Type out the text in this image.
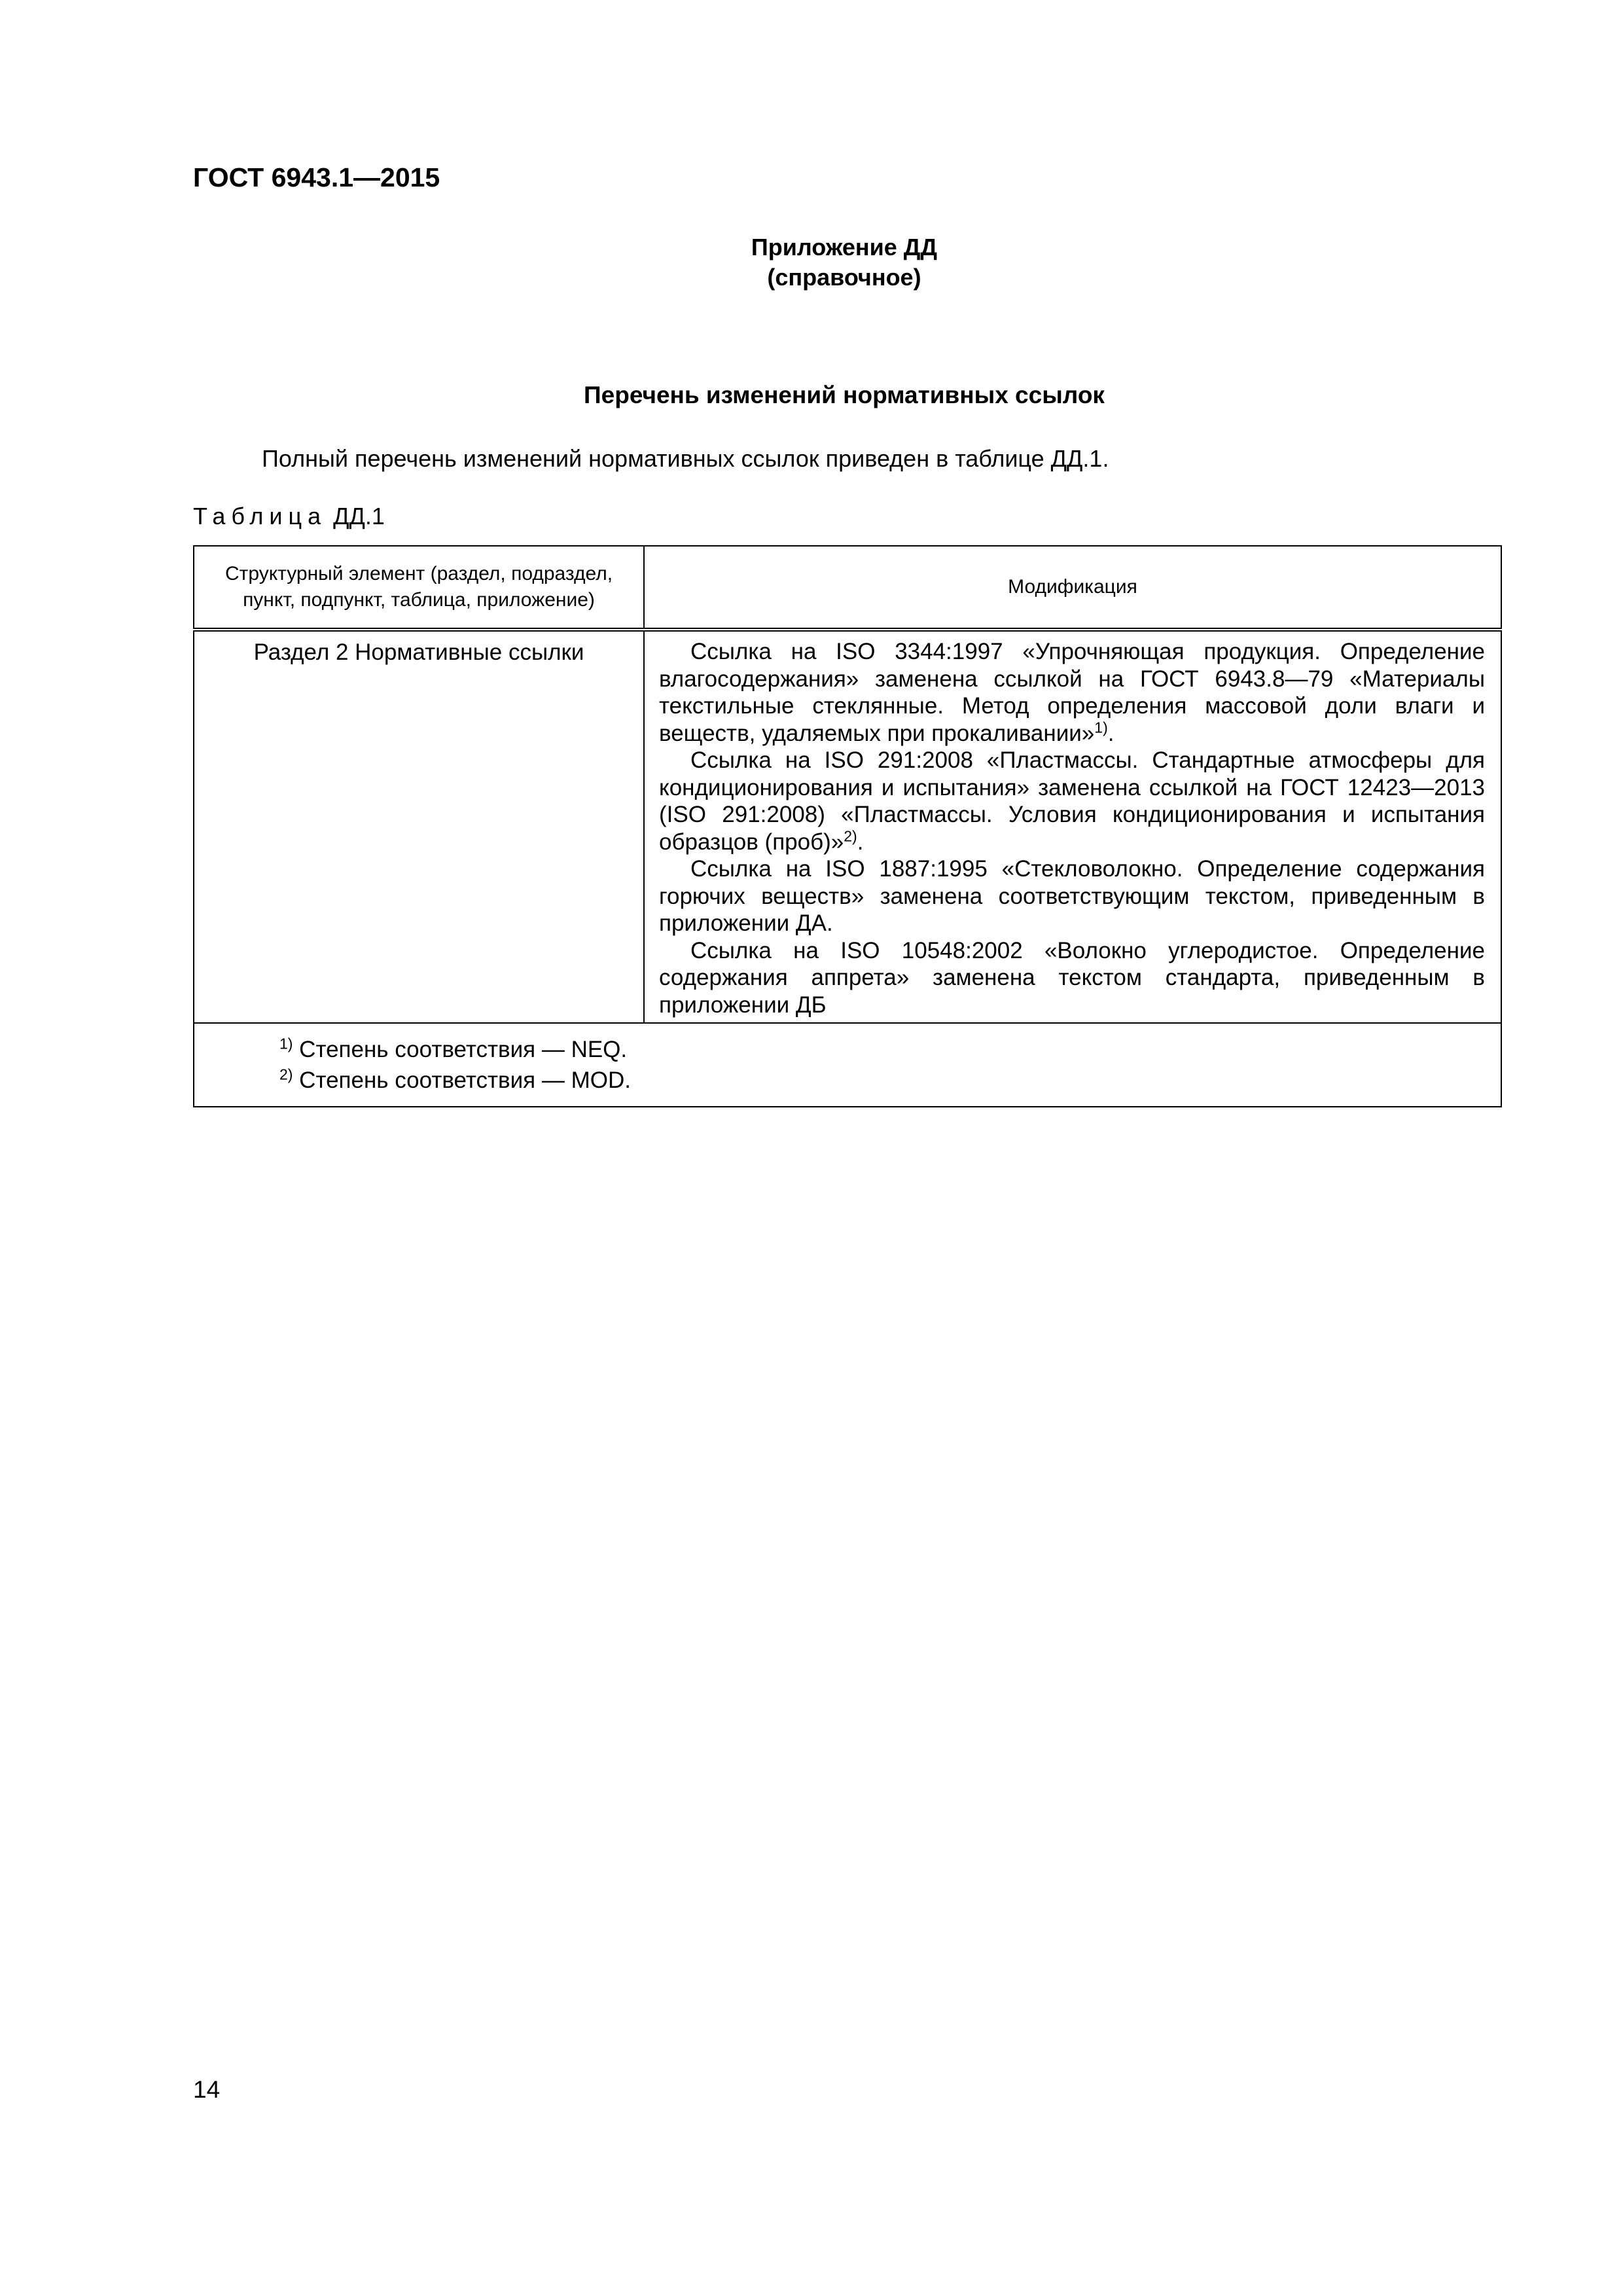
ГОСТ 6943.1—2015
Приложение ДД
(справочное)
Перечень изменений нормативных ссылок
Полный перечень изменений нормативных ссылок приведен в таблице ДД.1.
Таблица ДД.1
Структурный элемент (раздел, подраздел,
пункт, подпункт, таблица, приложение)	Модификация
Раздел 2 Нормативные ссылки	Ссылка на ISO 3344:1997 «Упрочняющая продукция. Определение влагосодержания» заменена ссылкой на ГОСТ 6943.8—79 «Материалы текстильные стеклянные. Метод определения массовой доли влаги и веществ, удаляемых при прокаливании»$^{1)}$.

Ссылка на ISO 291:2008 «Пластмассы. Стандартные атмосферы для кондиционирования и испытания» заменена ссылкой на ГОСТ 12423—2013 (ISO 291:2008) «Пластмассы. Условия кондиционирования и испытания образцов (проб)»$^{2)}$.

Ссылка на ISO 1887:1995 «Стекловолокно. Определение содержания горючих веществ» заменена соответствующим текстом, приведенным в приложении ДА.

Ссылка на ISO 10548:2002 «Волокно углеродистое. Определение содержания аппрета» заменена текстом стандарта, приведенным в приложении ДБ

$^{1)}$ Степень соответствия — NEQ.
$^{2)}$ Степень соответствия — MOD.	
14
